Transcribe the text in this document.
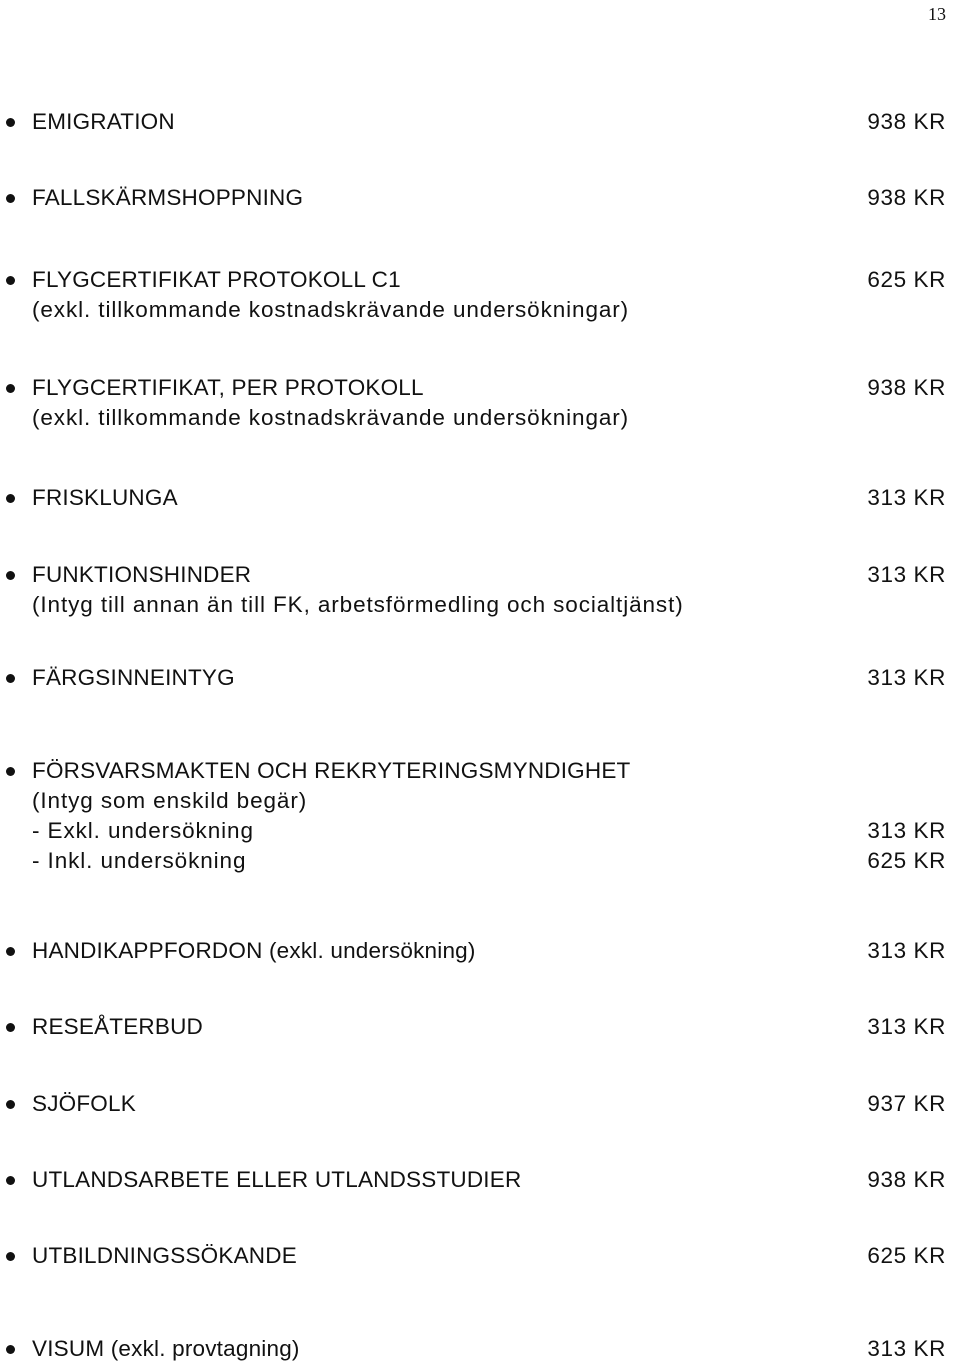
13
EMIGRATION	938 KR
FALLSKÄRMSHOPPNING	938 KR
FLYGCERTIFIKAT PROTOKOLL C1	625 KR
(exkl. tillkommande kostnadskrävande undersökningar)
FLYGCERTIFIKAT, PER PROTOKOLL	938 KR
(exkl. tillkommande kostnadskrävande undersökningar)
FRISKLUNGA	313 KR
FUNKTIONSHINDER	313 KR
(Intyg till annan än till FK, arbetsförmedling och socialtjänst)
FÄRGSINNEINTYG	313 KR
FÖRSVARSMAKTEN OCH REKRYTERINGSMYNDIGHET
(Intyg som enskild begär)
- Exkl. undersökning	313 KR
- Inkl. undersökning	625 KR
HANDIKAPPFORDON (exkl. undersökning)	313 KR
RESEÅTERBUD	313 KR
SJÖFOLK	937 KR
UTLANDSARBETE ELLER UTLANDSSTUDIER	938 KR
UTBILDNINGSSÖKANDE	625 KR
VISUM (exkl. provtagning)	313 KR
